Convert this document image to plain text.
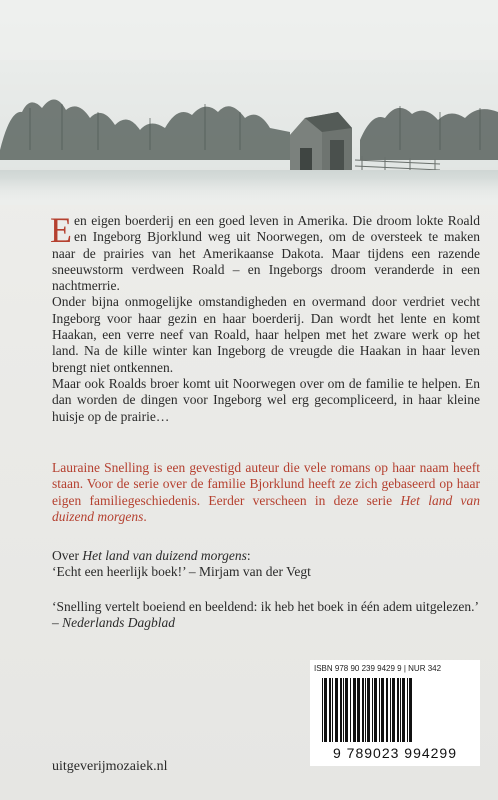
Een eigen boerderij en een goed leven in Amerika. Die droom lokte Roald en Ingeborg Bjorklund weg uit Noorwegen, om de oversteek te maken naar de prairies van het Amerikaanse Dakota. Maar tijdens een razende sneeuwstorm verdween Roald – en Ingeborgs droom veranderde in een nachtmerrie.

Onder bijna onmogelijke omstandigheden en overmand door verdriet vecht Ingeborg voor haar gezin en haar boerderij. Dan wordt het lente en komt Haakan, een verre neef van Roald, haar helpen met het zware werk op het land. Na de kille winter kan Ingeborg de vreugde die Haakan in haar leven brengt niet ontkennen.

Maar ook Roalds broer komt uit Noorwegen over om de familie te helpen. En dan worden de dingen voor Ingeborg wel erg gecompliceerd, in haar kleine huisje op de prairie…

Lauraine Snelling is een gevestigd auteur die vele romans op haar naam heeft staan. Voor de serie over de familie Bjorklund heeft ze zich gebaseerd op haar eigen familiegeschiedenis. Eerder verscheen in deze serie Het land van duizend morgens.

Over Het land van duizend morgens:

‘Echt een heerlijk boek!’ – Mirjam van der Vegt

‘Snelling vertelt boeiend en beeldend: ik heb het boek in één adem uitgelezen.’ – Nederlands Dagblad

ISBN 978 90 239 9429 9 | NUR 342
9 789023 994299
uitgeverijmozaiek.nl
